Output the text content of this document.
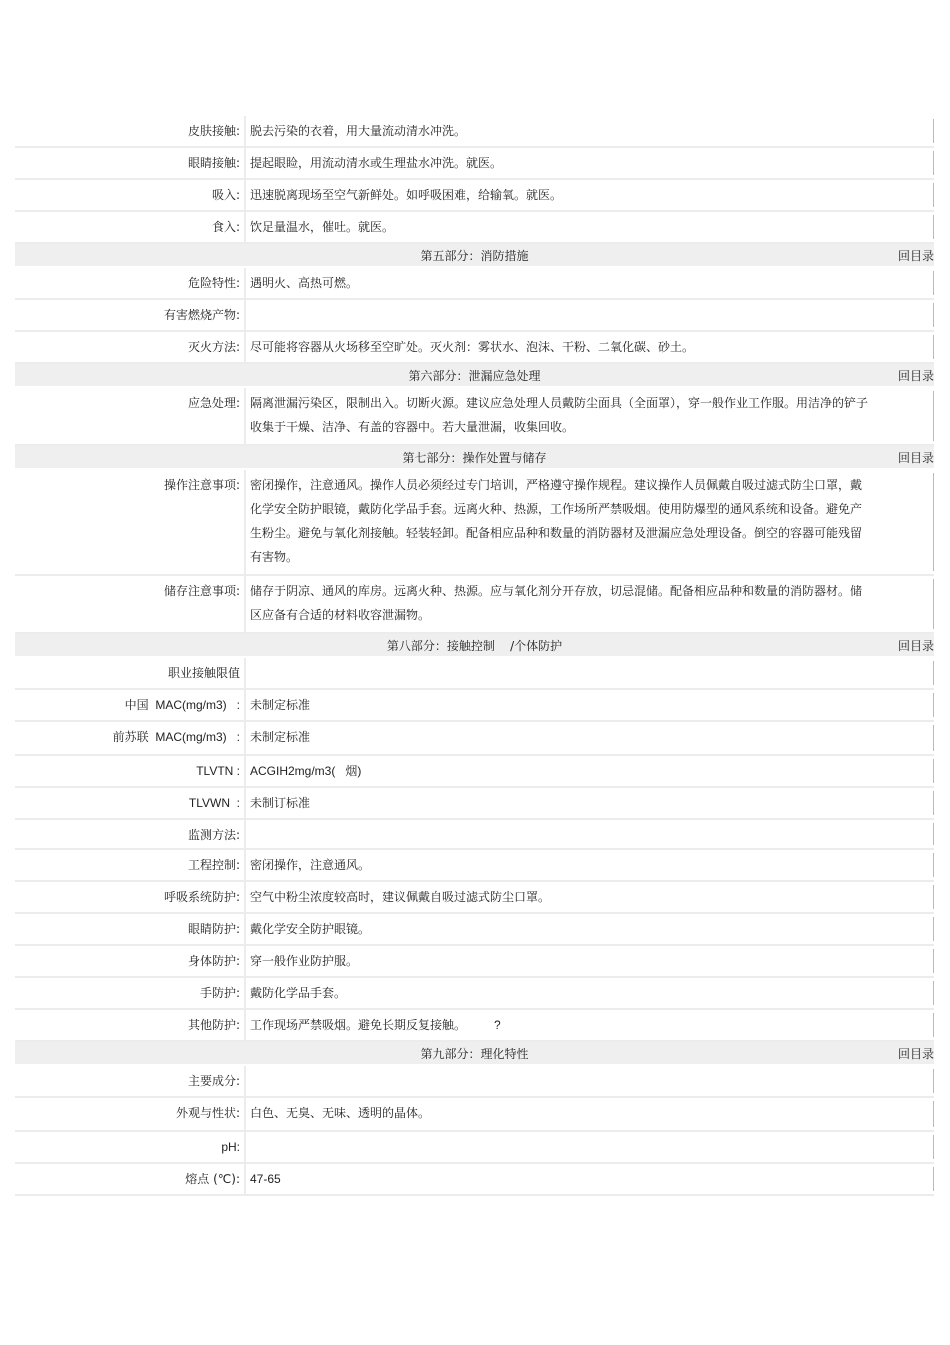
皮肤接触: 脱去污染的衣着，用大量流动清水冲洗。
眼睛接触: 提起眼睑，用流动清水或生理盐水冲洗。就医。
吸入: 迅速脱离现场至空气新鲜处。如呼吸困难，给输氧。就医。
食入: 饮足量温水，催吐。就医。
第五部分：消防措施	回目录
危险特性: 遇明火、高热可燃。
有害燃烧产物:
灭火方法: 尽可能将容器从火场移至空旷处。灭火剂：雾状水、泡沫、干粉、二氧化碳、砂土。
第六部分：泄漏应急处理	回目录
应急处理: 隔离泄漏污染区，限制出入。切断火源。建议应急处理人员戴防尘面具（全面罩），穿一般作业工作服。用洁净的铲子收集于干燥、洁净、有盖的容器中。若大量泄漏，收集回收。
第七部分：操作处置与储存	回目录
操作注意事项: 密闭操作，注意通风。操作人员必须经过专门培训，严格遵守操作规程。建议操作人员佩戴自吸过滤式防尘口罩，戴化学安全防护眼镜，戴防化学品手套。远离火种、热源，工作场所严禁吸烟。使用防爆型的通风系统和设备。避免产生粉尘。避免与氧化剂接触。轻装轻卸。配备相应品种和数量的消防器材及泄漏应急处理设备。倒空的容器可能残留有害物。
储存注意事项: 储存于阴凉、通风的库房。远离火种、热源。应与氧化剂分开存放，切忌混储。配备相应品种和数量的消防器材。储区应备有合适的材料收容泄漏物。
第八部分：接触控制    /个体防护	回目录
职业接触限值
中国  MAC(mg/m3)   : 未制定标准
前苏联  MAC(mg/m3)   : 未制定标准
TLVTN : ACGIH2mg/m3(   烟)
TLVWN  : 未制订标准
监测方法:
工程控制: 密闭操作，注意通风。
呼吸系统防护: 空气中粉尘浓度较高时，建议佩戴自吸过滤式防尘口罩。
眼睛防护: 戴化学安全防护眼镜。
身体防护: 穿一般作业防护服。
手防护: 戴防化学品手套。
其他防护: 工作现场严禁吸烟。避免长期反复接触。 ?
第九部分：理化特性	回目录
主要成分:
外观与性状: 白色、无臭、无味、透明的晶体。
pH:
熔点 (℃): 47-65
